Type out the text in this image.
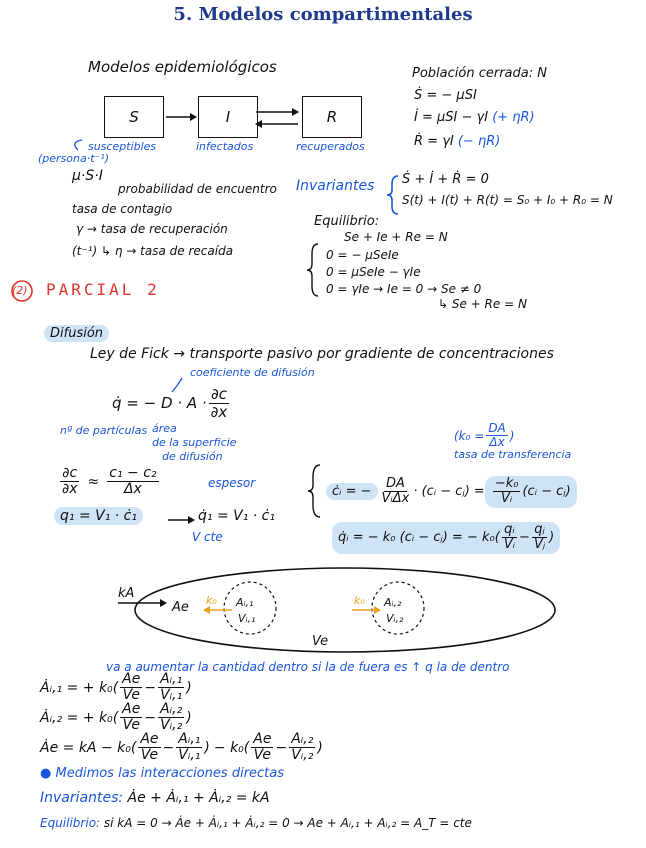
5. Modelos compartimentales
Modelos epidemiológicos
S	I	R
susceptibles	infectados	recuperados
(persona·t⁻¹)
μ·S·I
probabilidad de encuentro
tasa de contagio
γ → tasa de recuperación
(t⁻¹) ↳ η → tasa de recaída
Población cerrada: N
Ṡ = − μSI
İ = μSI − γI (+ ηR)
Ṙ = γI (− ηR)
Invariantes Ṡ + İ + Ṙ = 0
S(t) + I(t) + R(t) = S₀ + I₀ + R₀ = N
Equilibrio:
Se + Ie + Re = N
0 = − μSeIe
0 = μSeIe − γIe
0 = γIe → Ie = 0 → Se ≠ 0
↳ Se + Re = N
(2) PARCIAL 2
Difusión
Ley de Fick → transporte pasivo por gradiente de concentraciones
coeficiente de difusión
q̇ = − $D \cdot A \cdot \frac{\partial c}{\partial x}$
nº de partículas área
de la superficie
de difusión
($k_0 = \frac{DA}{\Delta x}$ )
tasa de transferencia
$\frac{\partial c}{\partial x} \approx \frac{\text{c₁ − c₂}}{\Delta x}$	espesor
q₁ = V₁ · ċ₁	q̇₁ = V₁ · ċ₁
V cte
ċᵢ = − $\frac{DA}{\text{VᵢΔx}}$ · (cᵢ − cⱼ) = $\frac{\text{−k₀}}{\text{Vᵢ}}$ (cᵢ − cⱼ)
q̇ᵢ = − k₀ (cᵢ − cⱼ) = − k₀ ( $\frac{\text{qᵢ}}{\text{Vᵢ}} - \frac{\text{qⱼ}}{\text{Vⱼ}}$ )
kA
Ae k₀ Aᵢ,₁
Vᵢ,₁
k₀ Aᵢ,₂
Vᵢ,₂
Ve
va a aumentar la cantidad dentro si la de fuera es ↑ q la de dentro
Ȧᵢ,₁ = + k₀ ( $\frac{Ae}{Ve} - \frac{\text{Aᵢ,₁}}{\text{Vᵢ,₁}}$ )
Ȧᵢ,₂ = + k₀ ( $\frac{Ae}{Ve} - \frac{\text{Aᵢ,₂}}{\text{Vᵢ,₂}}$ )
Ȧe = kA − k₀ ( $\frac{Ae}{Ve} - \frac{\text{Aᵢ,₁}}{\text{Vᵢ,₁}}$ ) − k₀ ( $\frac{Ae}{Ve} - \frac{\text{Aᵢ,₂}}{\text{Vᵢ,₂}}$ )
● Medimos las interacciones directas
Invariantes: Ȧe + Ȧᵢ,₁ + Ȧᵢ,₂ = kA
Equilibrio: si kA = 0 → Ȧe + Ȧᵢ,₁ + Ȧᵢ,₂ = 0 → Ae + Aᵢ,₁ + Aᵢ,₂ = A_T = cte
